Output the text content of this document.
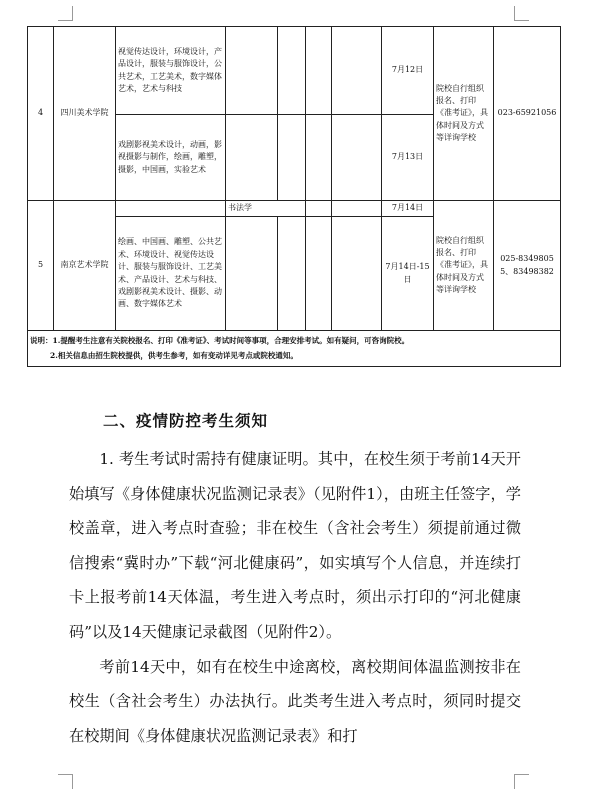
4	四川美术学院	视觉传达设计，环境设计，产品设计，服装与服饰设计，公共艺术，工艺美术，数字媒体艺术，艺术与科技					7月12日	院校自行组织报名、打印《准考证》，具体时间及方式等详询学校	023-65921056
		戏剧影视美术设计，动画，影视摄影与制作，绘画，雕塑，摄影，中国画，实验艺术					7月13日		
5	南京艺术学院		书法学				7月14日	院校自行组织报名、打印《准考证》，具体时间及方式等详询学校	025-83498055、83498382
		绘画、中国画、雕塑、公共艺术、环境设计、视觉传达设计、服装与服饰设计、工艺美术、产品设计、艺术与科技、戏剧影视美术设计、摄影、动画、数字媒体艺术					7月14日-15日		

说明：1.提醒考生注意有关院校报名、打印《准考证》、考试时间等事项，合理安排考试。如有疑问，可咨询院校。
2.相关信息由招生院校提供，供考生参考，如有变动详见考点或院校通知。									
二、疫情防控考生须知

1. 考生考试时需持有健康证明。其中，在校生须于考前14天开始填写《身体健康状况监测记录表》（见附件1），由班主任签字，学校盖章，进入考点时查验；非在校生（含社会考生）须提前通过微信搜索“冀时办”下载“河北健康码”，如实填写个人信息，并连续打卡上报考前14天体温，考生进入考点时，须出示打印的“河北健康码”以及14天健康记录截图（见附件2）。

考前14天中，如有在校生中途离校，离校期间体温监测按非在校生（含社会考生）办法执行。此类考生进入考点时，须同时提交在校期间《身体健康状况监测记录表》和打
